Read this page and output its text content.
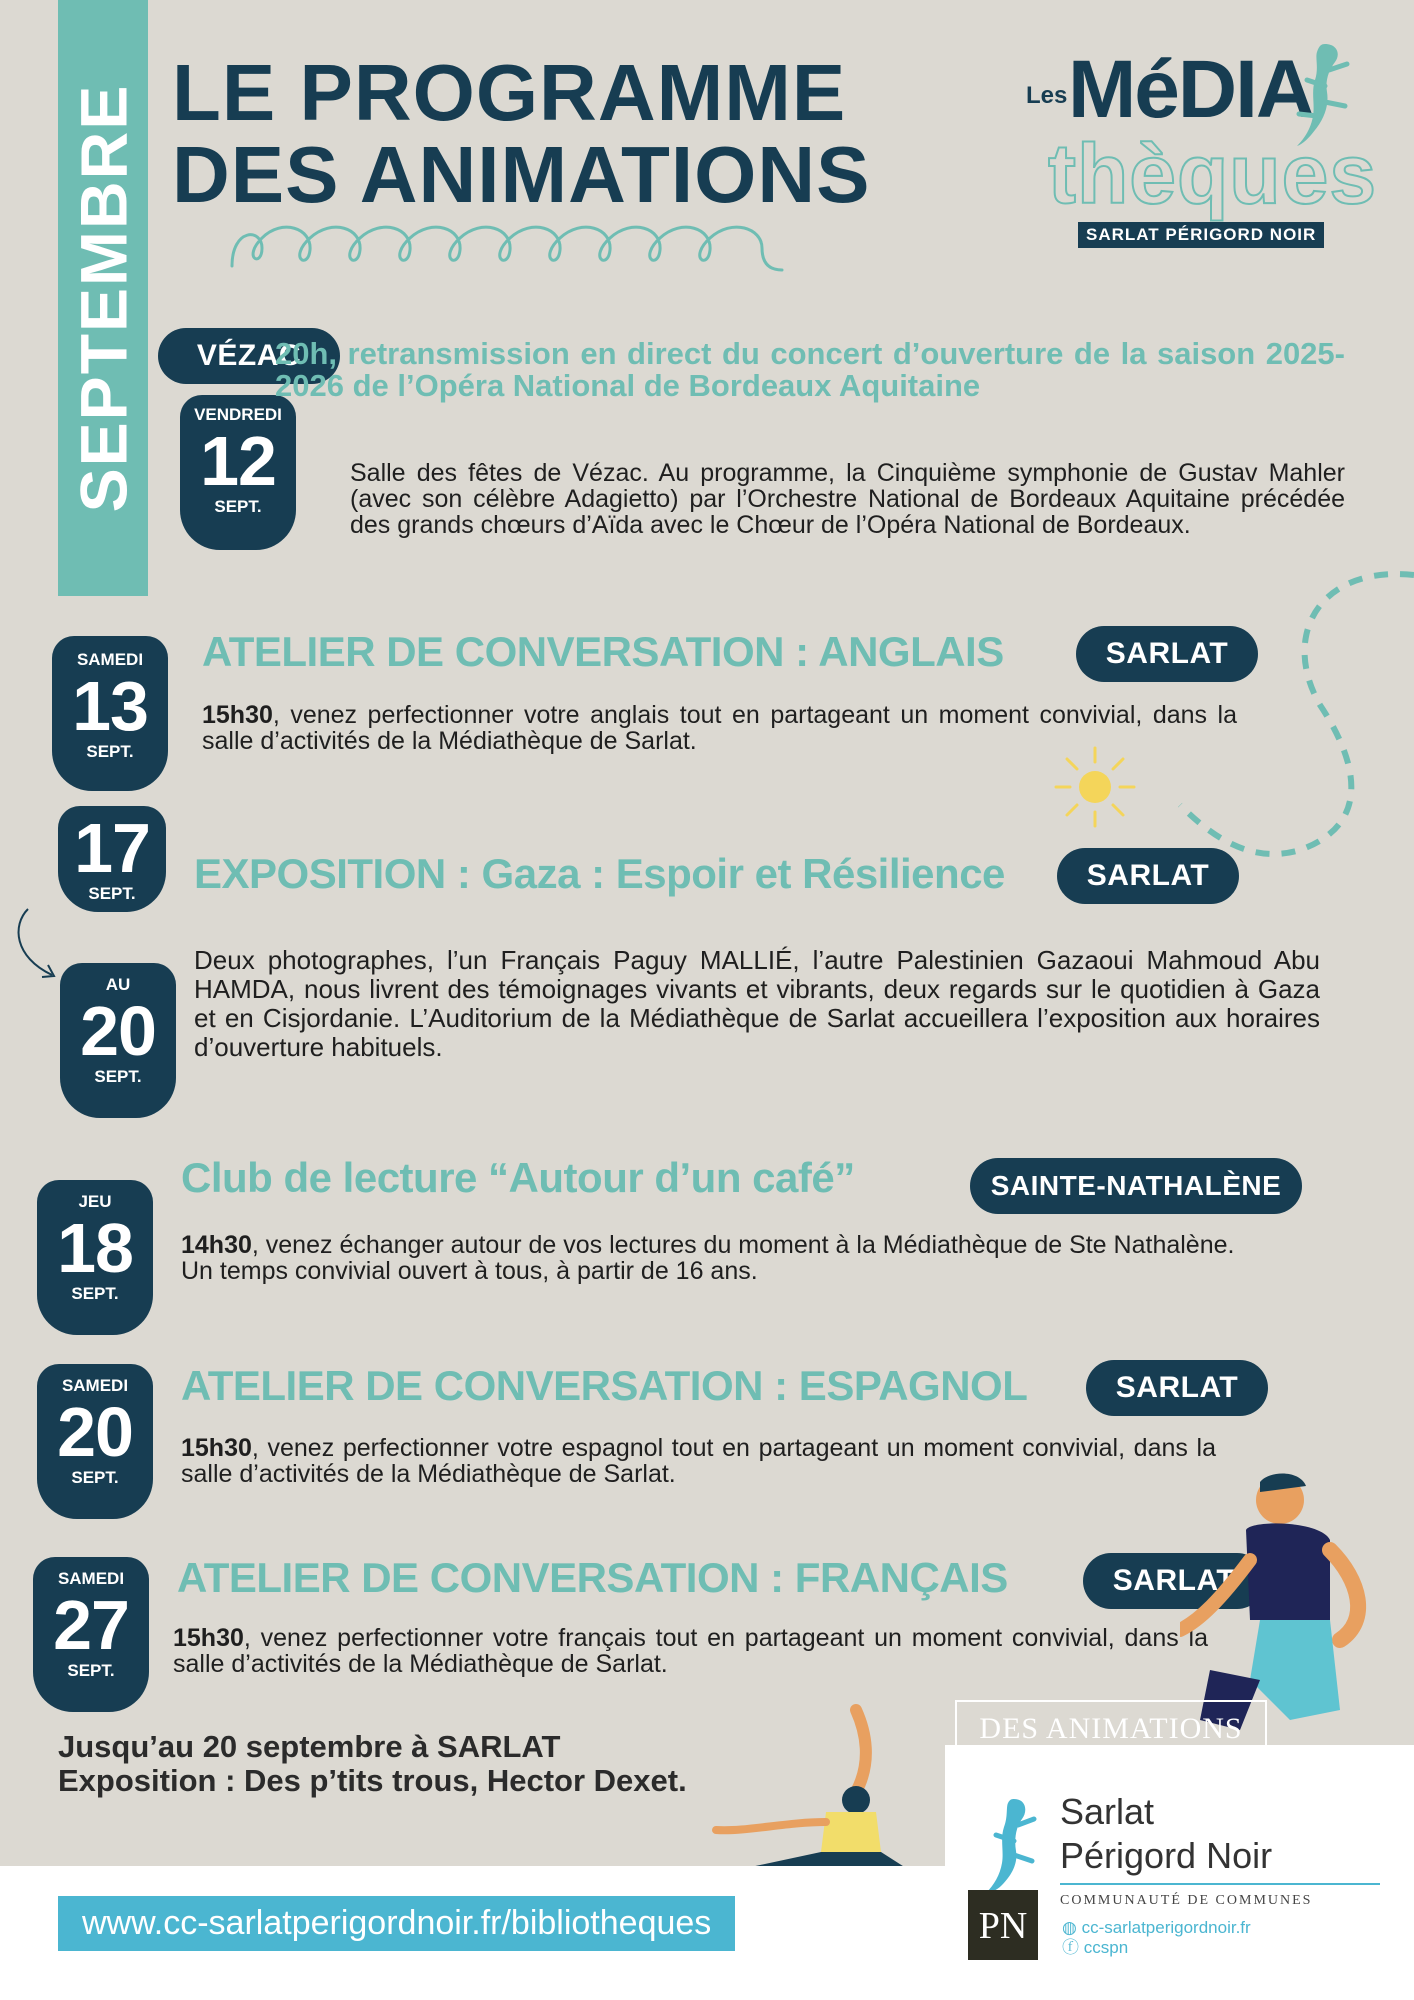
SEPTEMBRE LE PROGRAMME
DES ANIMATIONS
Les MéDIA
thèques
SARLAT PÉRIGORD NOIR
VÉZAC
VENDREDI
12
SEPT.
20h, retransmission en direct du concert d’ouverture de la saison 2025-2026 de l’Opéra National de Bordeaux Aquitaine
Salle des fêtes de Vézac. Au programme, la Cinquième symphonie de Gustav Mahler (avec son célèbre Adagietto) par l’Orchestre National de Bordeaux Aquitaine précédée des grands chœurs d’Aïda avec le Chœur de l’Opéra National de Bordeaux.
SAMEDI
13
SEPT.
ATELIER DE CONVERSATION : ANGLAIS	SARLAT
15h30, venez perfectionner votre anglais tout en partageant un moment convivial, dans la salle d’activités de la Médiathèque de Sarlat.
17
SEPT.
AU
20
SEPT.
EXPOSITION : Gaza : Espoir et Résilience	SARLAT
Deux photographes, l’un Français Paguy MALLIÉ, l’autre Palestinien Gazaoui Mahmoud Abu HAMDA, nous livrent des témoignages vivants et vibrants, deux regards sur le quotidien à Gaza et en Cisjordanie. L’Auditorium de la Médiathèque de Sarlat accueillera l’exposition aux horaires d’ouverture habituels.
JEU
18
SEPT.
Club de lecture “Autour d’un café”	SAINTE-NATHALÈNE
14h30, venez échanger autour de vos lectures du moment à la Médiathèque de Ste Nathalène. Un temps convivial ouvert à tous, à partir de 16 ans.
SAMEDI
20
SEPT.
ATELIER DE CONVERSATION : ESPAGNOL	SARLAT
15h30, venez perfectionner votre espagnol tout en partageant un moment convivial, dans la salle d’activités de la Médiathèque de Sarlat.
SAMEDI
27
SEPT.
ATELIER DE CONVERSATION : FRANÇAIS	SARLAT
15h30, venez perfectionner votre français tout en partageant un moment convivial, dans la salle d’activités de la Médiathèque de Sarlat.
Jusqu’au 20 septembre à SARLAT
Exposition : Des p’tits trous, Hector Dexet.
www.cc-sarlatperigordnoir.fr/bibliotheques
DES ANIMATIONS
PN
Sarlat
Périgord Noir
COMMUNAUTÉ DE COMMUNES
◍ cc-sarlatperigordnoir.fr
ⓕ ccspn
